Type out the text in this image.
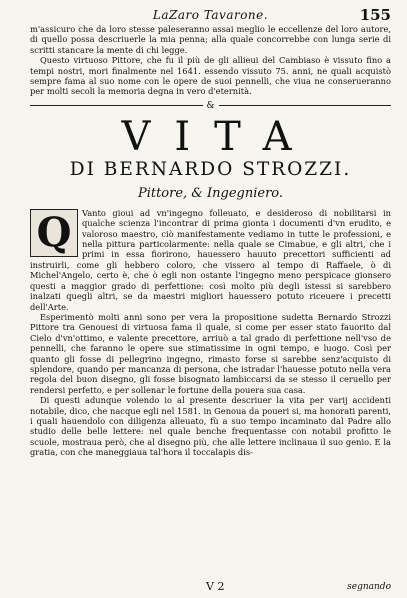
LaZaro Tavarone.	155

m'assicuro che da loro stesse paleseranno assai meglio le eccellenze del loro autore, di quello possa descriuerle la mia penna; alla quale concorrebbe con lunga serie di scritti stancare la mente di chi legge.

Questo virtuoso Pittore, che fu il più de gli allieui del Cambiaso è vissuto fino a tempi nostri, mori finalmente nel 1641. essendo vissuto 75. anni, ne quali acquistò sempre fama al suo nome con le opere de suoi pennelli, che viua ne conserueranno per molti secoli la memoria degna in vero d'eternità.

&
VITA
DI BERNARDO STROZZI.
Pittore, & Ingegniero.
Q	Vanto gioui ad vn'ingegno folleuato, e desideroso di nobilitarsi in qualche scienza l'incontrar di prima gionta i documenti d'vn erudito, e valoroso maestro, ciò manifestamente vediamo in tutte le professioni, e nella pittura particolarmente: nella quale se Cimabue, e gli altri, che i primi in essa fiorirono, hauessero hauuto precettori sufficienti ad instruirli, come gli hebbero coloro, che vissero al tempo di Raffaele, ò di Michel'Angelo, certo è, che ò egli non ostante l'ingegno meno perspicace gionsero questi a maggior grado di perfettione: così molto più degli istessi si sarebbero inalzati quegli altri, se da maestri migliori hauessero potuto riceuere i precetti dell'Arte.

Esperimentò molti anni sono per vera la propositione sudetta Bernardo Strozzi Pittore tra Genouesi di virtuosa fama il quale, si come per esser stato fauorito dal Cielo d'vn'ottimo, e valente precettore, arriuò a tal grado di perfettione nell'vso de pennelli, che faranno le opere sue stimatissime in ogni tempo, e luogo. Così per quanto gli fosse di pellegrino ingegno, rimasto forse si sarebbe senz'acquisto di splendore, quando per mancanza di persona, che istradar l'hauesse potuto nella vera regola del buon disegno, gli fosse bisognato lambiccarsi da se stesso il ceruello per rendersi perfetto, e per sollenar le fortune della pouera sua casa.

Di questi adunque volendo io al presente descriuer la vita per varij accidenti notabile, dico, che nacque egli nel 1581. in Genoua da poueri si, ma honorati parenti, i quali hauendolo con diligenza alleuato, fù a suo tempo incaminato dal Padre allo studio delle belle lettere: nel quale benche frequentasse con notabil profitto le scuole, mostraua però, che al disegno più, che alle lettere inclinaua il suo genio. E la gratia, con che maneggiaua tal'hora il toccalapis dis-

V 2	segnando
